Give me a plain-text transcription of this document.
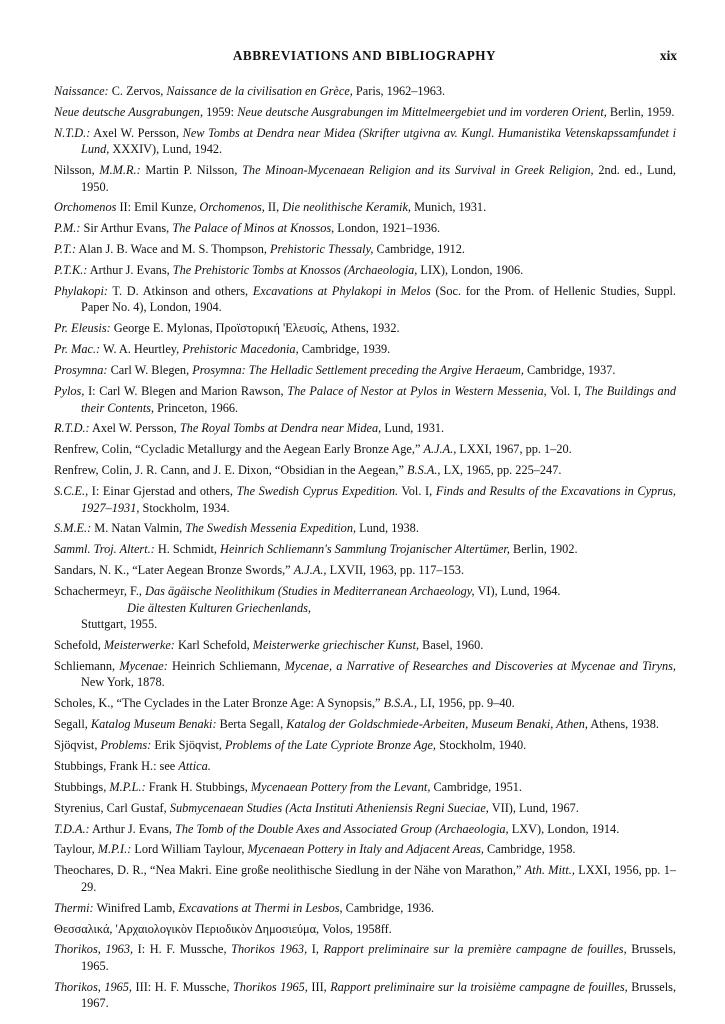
ABBREVIATIONS AND BIBLIOGRAPHY	xix
Naissance: C. Zervos, Naissance de la civilisation en Grèce, Paris, 1962–1963.
Neue deutsche Ausgrabungen, 1959: Neue deutsche Ausgrabungen im Mittelmeergebiet und im vorderen Orient, Berlin, 1959.
N.T.D.: Axel W. Persson, New Tombs at Dendra near Midea (Skrifter utgivna av. Kungl. Humanistika Vetenskapssamfundet i Lund, XXXIV), Lund, 1942.
Nilsson, M.M.R.: Martin P. Nilsson, The Minoan-Mycenaean Religion and its Survival in Greek Religion, 2nd. ed., Lund, 1950.
Orchomenos II: Emil Kunze, Orchomenos, II, Die neolithische Keramik, Munich, 1931.
P.M.: Sir Arthur Evans, The Palace of Minos at Knossos, London, 1921–1936.
P.T.: Alan J. B. Wace and M. S. Thompson, Prehistoric Thessaly, Cambridge, 1912.
P.T.K.: Arthur J. Evans, The Prehistoric Tombs at Knossos (Archaeologia, LIX), London, 1906.
Phylakopi: T. D. Atkinson and others, Excavations at Phylakopi in Melos (Soc. for the Prom. of Hellenic Studies, Suppl. Paper No. 4), London, 1904.
Pr. Eleusis: George E. Mylonas, Προϊστορική 'Ελευσίς, Athens, 1932.
Pr. Mac.: W. A. Heurtley, Prehistoric Macedonia, Cambridge, 1939.
Prosymna: Carl W. Blegen, Prosymna: The Helladic Settlement preceding the Argive Heraeum, Cambridge, 1937.
Pylos, I: Carl W. Blegen and Marion Rawson, The Palace of Nestor at Pylos in Western Messenia, Vol. I, The Buildings and their Contents, Princeton, 1966.
R.T.D.: Axel W. Persson, The Royal Tombs at Dendra near Midea, Lund, 1931.
Renfrew, Colin, “Cycladic Metallurgy and the Aegean Early Bronze Age,” A.J.A., LXXI, 1967, pp. 1–20.
Renfrew, Colin, J. R. Cann, and J. E. Dixon, “Obsidian in the Aegean,” B.S.A., LX, 1965, pp. 225–247.
S.C.E., I: Einar Gjerstad and others, The Swedish Cyprus Expedition. Vol. I, Finds and Results of the Excavations in Cyprus, 1927–1931, Stockholm, 1934.
S.M.E.: M. Natan Valmin, The Swedish Messenia Expedition, Lund, 1938.
Samml. Troj. Altert.: H. Schmidt, Heinrich Schliemann's Sammlung Trojanischer Altertümer, Berlin, 1902.
Sandars, N. K., “Later Aegean Bronze Swords,” A.J.A., LXVII, 1963, pp. 117–153.
Schachermeyr, F., Das ägäische Neolithikum (Studies in Mediterranean Archaeology, VI), Lund, 1964.
Die ältesten Kulturen Griechenlands,
Stuttgart, 1955.
Schefold, Meisterwerke: Karl Schefold, Meisterwerke griechischer Kunst, Basel, 1960.
Schliemann, Mycenae: Heinrich Schliemann, Mycenae, a Narrative of Researches and Discoveries at Mycenae and Tiryns, New York, 1878.
Scholes, K., “The Cyclades in the Later Bronze Age: A Synopsis,” B.S.A., LI, 1956, pp. 9–40.
Segall, Katalog Museum Benaki: Berta Segall, Katalog der Goldschmiede-Arbeiten, Museum Benaki, Athen, Athens, 1938.
Sjöqvist, Problems: Erik Sjöqvist, Problems of the Late Cypriote Bronze Age, Stockholm, 1940.
Stubbings, Frank H.: see Attica.
Stubbings, M.P.L.: Frank H. Stubbings, Mycenaean Pottery from the Levant, Cambridge, 1951.
Styrenius, Carl Gustaf, Submycenaean Studies (Acta Instituti Atheniensis Regni Sueciae, VII), Lund, 1967.
T.D.A.: Arthur J. Evans, The Tomb of the Double Axes and Associated Group (Archaeologia, LXV), London, 1914.
Taylour, M.P.I.: Lord William Taylour, Mycenaean Pottery in Italy and Adjacent Areas, Cambridge, 1958.
Theochares, D. R., “Nea Makri. Eine große neolithische Siedlung in der Nähe von Marathon,” Ath. Mitt., LXXI, 1956, pp. 1–29.
Thermi: Winifred Lamb, Excavations at Thermi in Lesbos, Cambridge, 1936.
Θεσσαλικά, 'Αρχαιολογικὸν Περιοδικὸν Δημοσιεύμα, Volos, 1958ff.
Thorikos, 1963, I: H. F. Mussche, Thorikos 1963, I, Rapport preliminaire sur la première campagne de fouilles, Brussels, 1965.
Thorikos, 1965, III: H. F. Mussche, Thorikos 1965, III, Rapport preliminaire sur la troisième campagne de fouilles, Brussels, 1967.
